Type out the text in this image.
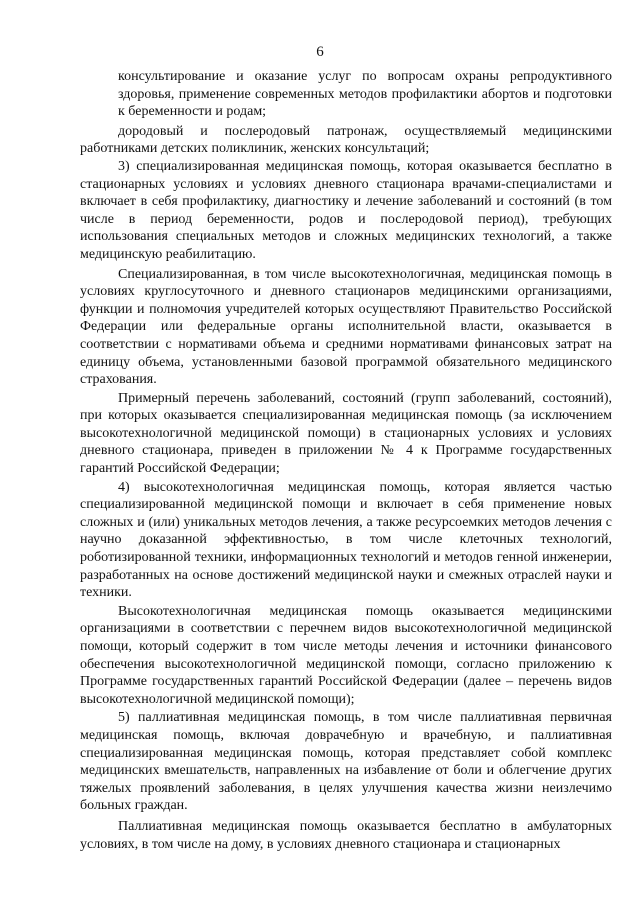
6

консультирование и оказание услуг по вопросам охраны репродуктивного здоровья, применение современных методов профилактики абортов и подготовки к беременности и родам;

дородовый и послеродовый патронаж, осуществляемый медицинскими работниками детских поликлиник, женских консультаций;

3) специализированная медицинская помощь, которая оказывается бесплатно в стационарных условиях и условиях дневного стационара врачами-специалистами и включает в себя профилактику, диагностику и лечение заболеваний и состояний (в том числе в период беременности, родов и послеродовой период), требующих использования специальных методов и сложных медицинских технологий, а также медицинскую реабилитацию.

Специализированная, в том числе высокотехнологичная, медицинская помощь в условиях круглосуточного и дневного стационаров медицинскими организациями, функции и полномочия учредителей которых осуществляют Правительство Российской Федерации или федеральные органы исполнительной власти, оказывается в соответствии с нормативами объема и средними нормативами финансовых затрат на единицу объема, установленными базовой программой обязательного медицинского страхования.

Примерный перечень заболеваний, состояний (групп заболеваний, состояний), при которых оказывается специализированная медицинская помощь (за исключением высокотехнологичной медицинской помощи) в стационарных условиях и условиях дневного стационара, приведен в приложении № 4 к Программе государственных гарантий Российской Федерации;

4) высокотехнологичная медицинская помощь, которая является частью специализированной медицинской помощи и включает в себя применение новых сложных и (или) уникальных методов лечения, а также ресурсоемких методов лечения с научно доказанной эффективностью, в том числе клеточных технологий, роботизированной техники, информационных технологий и методов генной инженерии, разработанных на основе достижений медицинской науки и смежных отраслей науки и техники.

Высокотехнологичная медицинская помощь оказывается медицинскими организациями в соответствии с перечнем видов высокотехнологичной медицинской помощи, который содержит в том числе методы лечения и источники финансового обеспечения высокотехнологичной медицинской помощи, согласно приложению к Программе государственных гарантий Российской Федерации (далее – перечень видов высокотехнологичной медицинской помощи);

5) паллиативная медицинская помощь, в том числе паллиативная первичная медицинская помощь, включая доврачебную и врачебную, и паллиативная специализированная медицинская помощь, которая представляет собой комплекс медицинских вмешательств, направленных на избавление от боли и облегчение других тяжелых проявлений заболевания, в целях улучшения качества жизни неизлечимо больных граждан.

Паллиативная медицинская помощь оказывается бесплатно в амбулаторных условиях, в том числе на дому, в условиях дневного стационара и стационарных
